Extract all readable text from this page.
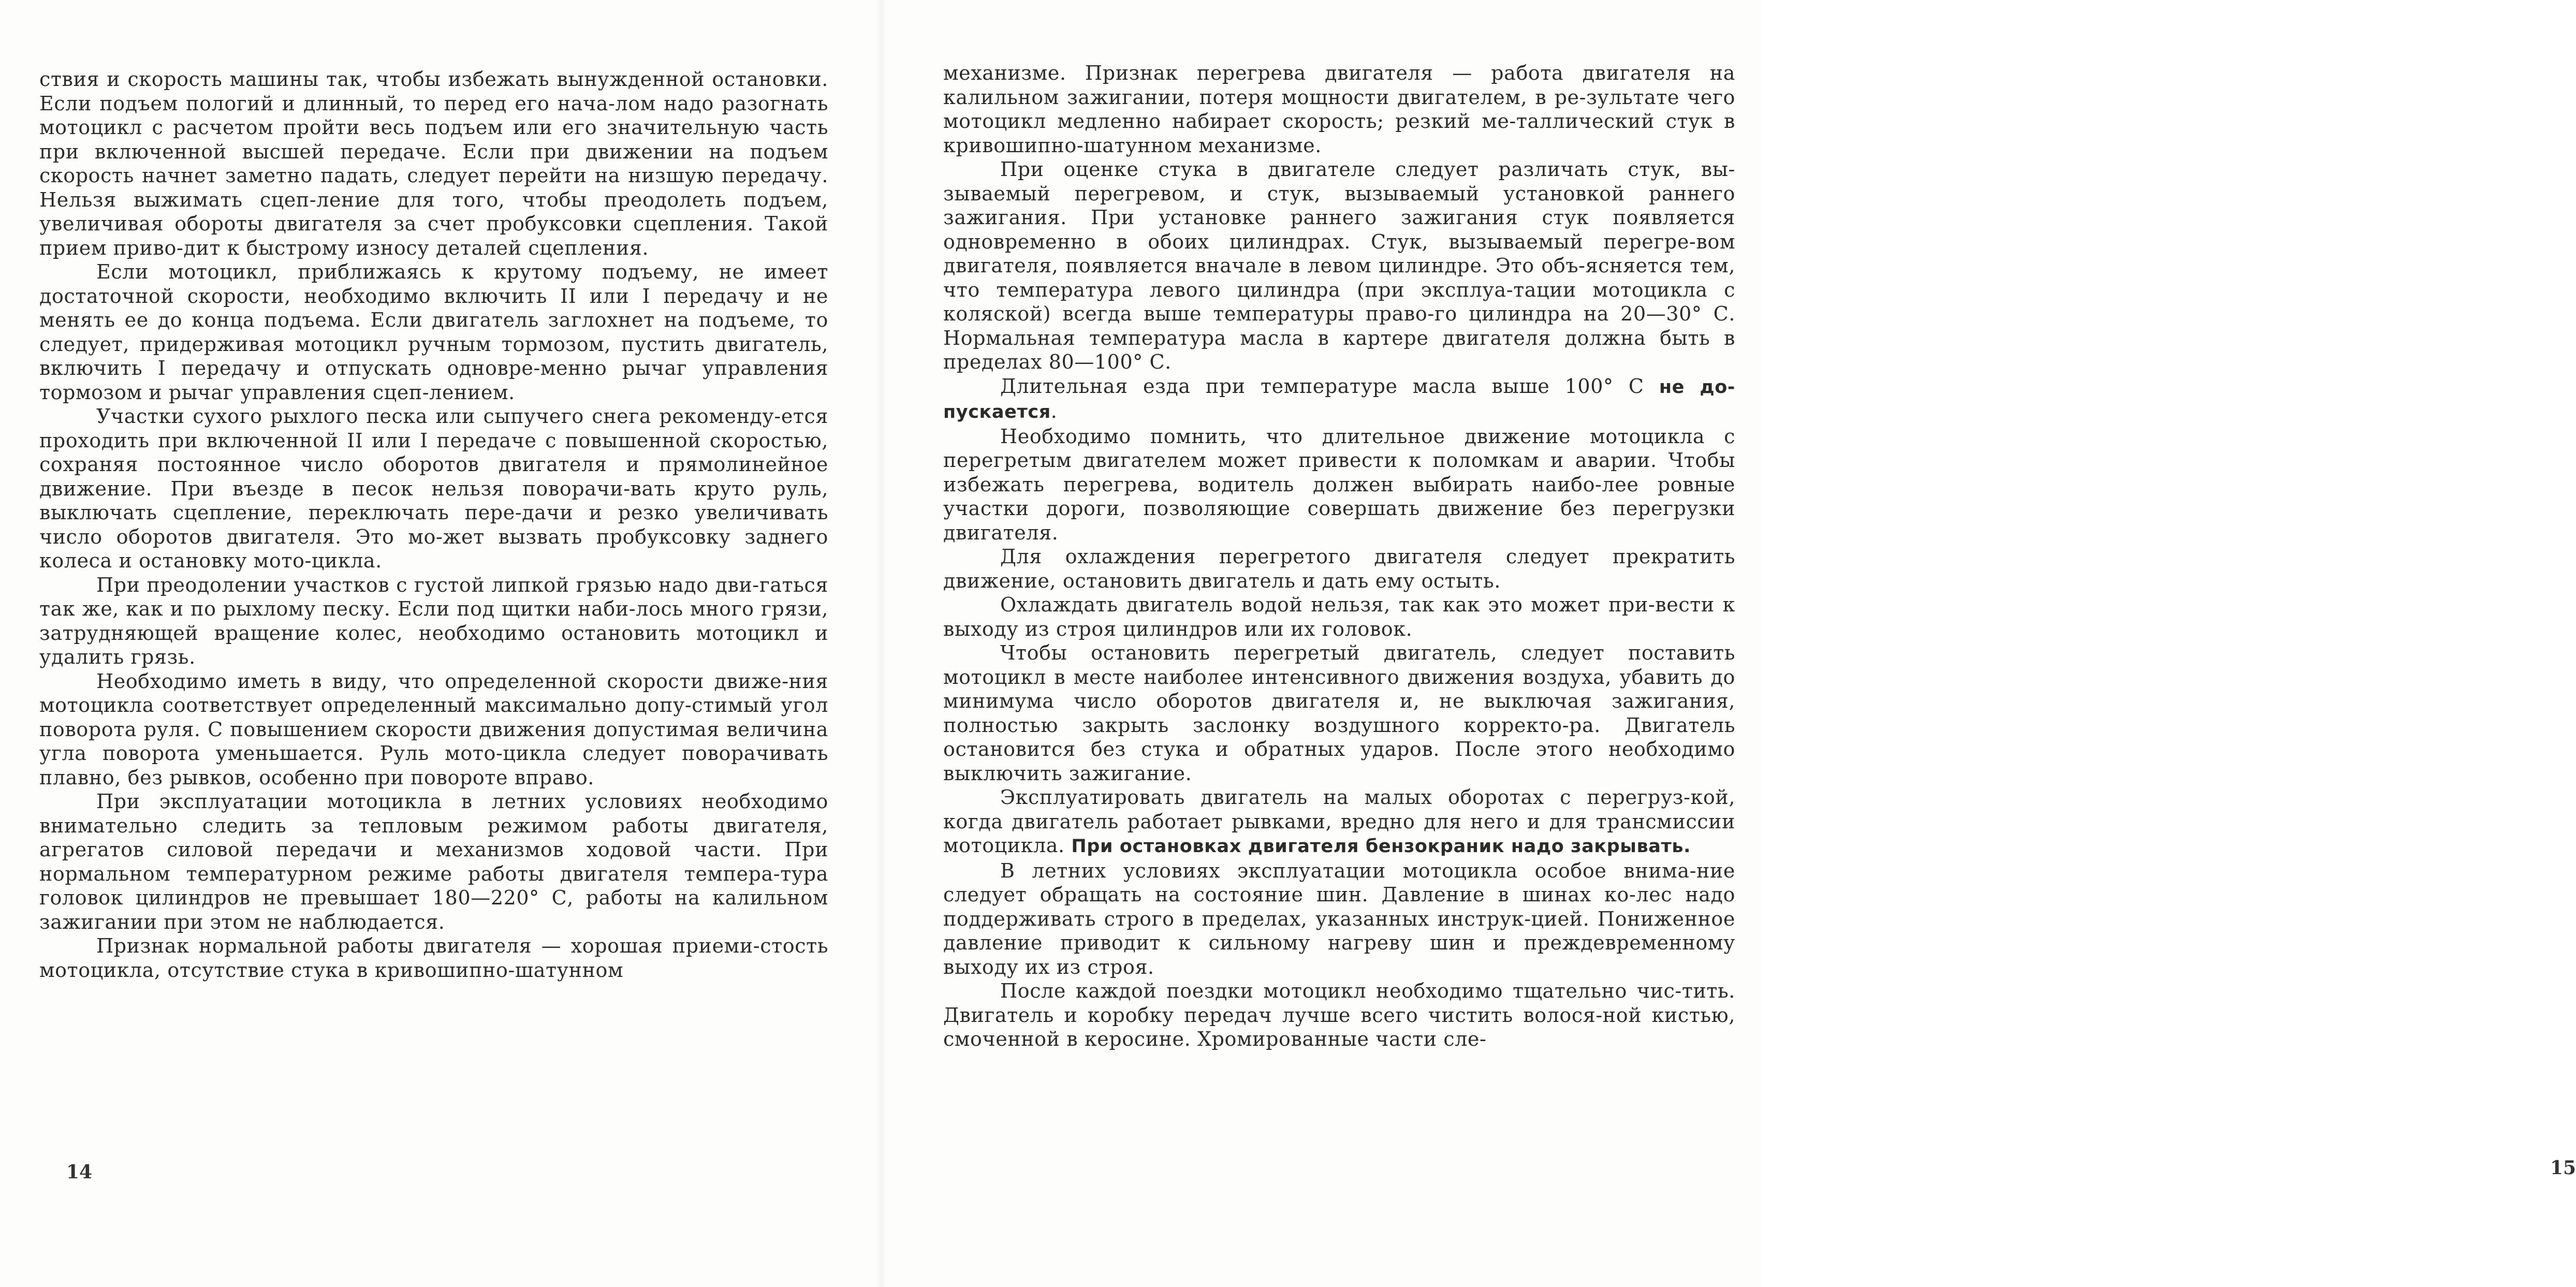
ствия и скорость машины так, чтобы избежать вынужденной остановки. Если подъем пологий и длинный, то перед его нача-лом надо разогнать мотоцикл с расчетом пройти весь подъем или его значительную часть при включенной высшей передаче. Если при движении на подъем скорость начнет заметно падать, следует перейти на низшую передачу. Нельзя выжимать сцеп-ление для того, чтобы преодолеть подъем, увеличивая обороты двигателя за счет пробуксовки сцепления. Такой прием приво-дит к быстрому износу деталей сцепления.

Если мотоцикл, приближаясь к крутому подъему, не имеет достаточной скорости, необходимо включить II или I передачу и не менять ее до конца подъема. Если двигатель заглохнет на подъеме, то следует, придерживая мотоцикл ручным тормозом, пустить двигатель, включить I передачу и отпускать одновре-менно рычаг управления тормозом и рычаг управления сцеп-лением.

Участки сухого рыхлого песка или сыпучего снега рекоменду-ется проходить при включенной II или I передаче с повышенной скоростью, сохраняя постоянное число оборотов двигателя и прямолинейное движение. При въезде в песок нельзя поворачи-вать круто руль, выключать сцепление, переключать пере-дачи и резко увеличивать число оборотов двигателя. Это мо-жет вызвать пробуксовку заднего колеса и остановку мото-цикла.

При преодолении участков с густой липкой грязью надо дви-гаться так же, как и по рыхлому песку. Если под щитки наби-лось много грязи, затрудняющей вращение колес, необходимо остановить мотоцикл и удалить грязь.

Необходимо иметь в виду, что определенной скорости движе-ния мотоцикла соответствует определенный максимально допу-стимый угол поворота руля. С повышением скорости движения допустимая величина угла поворота уменьшается. Руль мото-цикла следует поворачивать плавно, без рывков, особенно при повороте вправо.

При эксплуатации мотоцикла в летних условиях необходимо внимательно следить за тепловым режимом работы двигателя, агрегатов силовой передачи и механизмов ходовой части. При нормальном температурном режиме работы двигателя темпера-тура головок цилиндров не превышает 180—220° С, работы на калильном зажигании при этом не наблюдается.

Признак нормальной работы двигателя — хорошая приеми-стость мотоцикла, отсутствие стука в кривошипно-шатунном

14

механизме. Признак перегрева двигателя — работа двигателя на калильном зажигании, потеря мощности двигателем, в ре-зультате чего мотоцикл медленно набирает скорость; резкий ме-таллический стук в кривошипно-шатунном механизме.

При оценке стука в двигателе следует различать стук, вы-зываемый перегревом, и стук, вызываемый установкой раннего зажигания. При установке раннего зажигания стук появляется одновременно в обоих цилиндрах. Стук, вызываемый перегре-вом двигателя, появляется вначале в левом цилиндре. Это объ-ясняется тем, что температура левого цилиндра (при эксплуа-тации мотоцикла с коляской) всегда выше температуры право-го цилиндра на 20—30° С. Нормальная температура масла в картере двигателя должна быть в пределах 80—100° С.

Длительная езда при температуре масла выше 100° С не до-пускается.

Необходимо помнить, что длительное движение мотоцикла с перегретым двигателем может привести к поломкам и аварии. Чтобы избежать перегрева, водитель должен выбирать наибо-лее ровные участки дороги, позволяющие совершать движение без перегрузки двигателя.

Для охлаждения перегретого двигателя следует прекратить движение, остановить двигатель и дать ему остыть.

Охлаждать двигатель водой нельзя, так как это может при-вести к выходу из строя цилиндров или их головок.

Чтобы остановить перегретый двигатель, следует поставить мотоцикл в месте наиболее интенсивного движения воздуха, убавить до минимума число оборотов двигателя и, не выключая зажигания, полностью закрыть заслонку воздушного корректо-ра. Двигатель остановится без стука и обратных ударов. После этого необходимо выключить зажигание.

Эксплуатировать двигатель на малых оборотах с перегруз-кой, когда двигатель работает рывками, вредно для него и для трансмиссии мотоцикла. При остановках двигателя бензокраник надо закрывать.

В летних условиях эксплуатации мотоцикла особое внима-ние следует обращать на состояние шин. Давление в шинах ко-лес надо поддерживать строго в пределах, указанных инструк-цией. Пониженное давление приводит к сильному нагреву шин и преждевременному выходу их из строя.

После каждой поездки мотоцикл необходимо тщательно чис-тить. Двигатель и коробку передач лучше всего чистить волося-ной кистью, смоченной в керосине. Хромированные части сле-

15
